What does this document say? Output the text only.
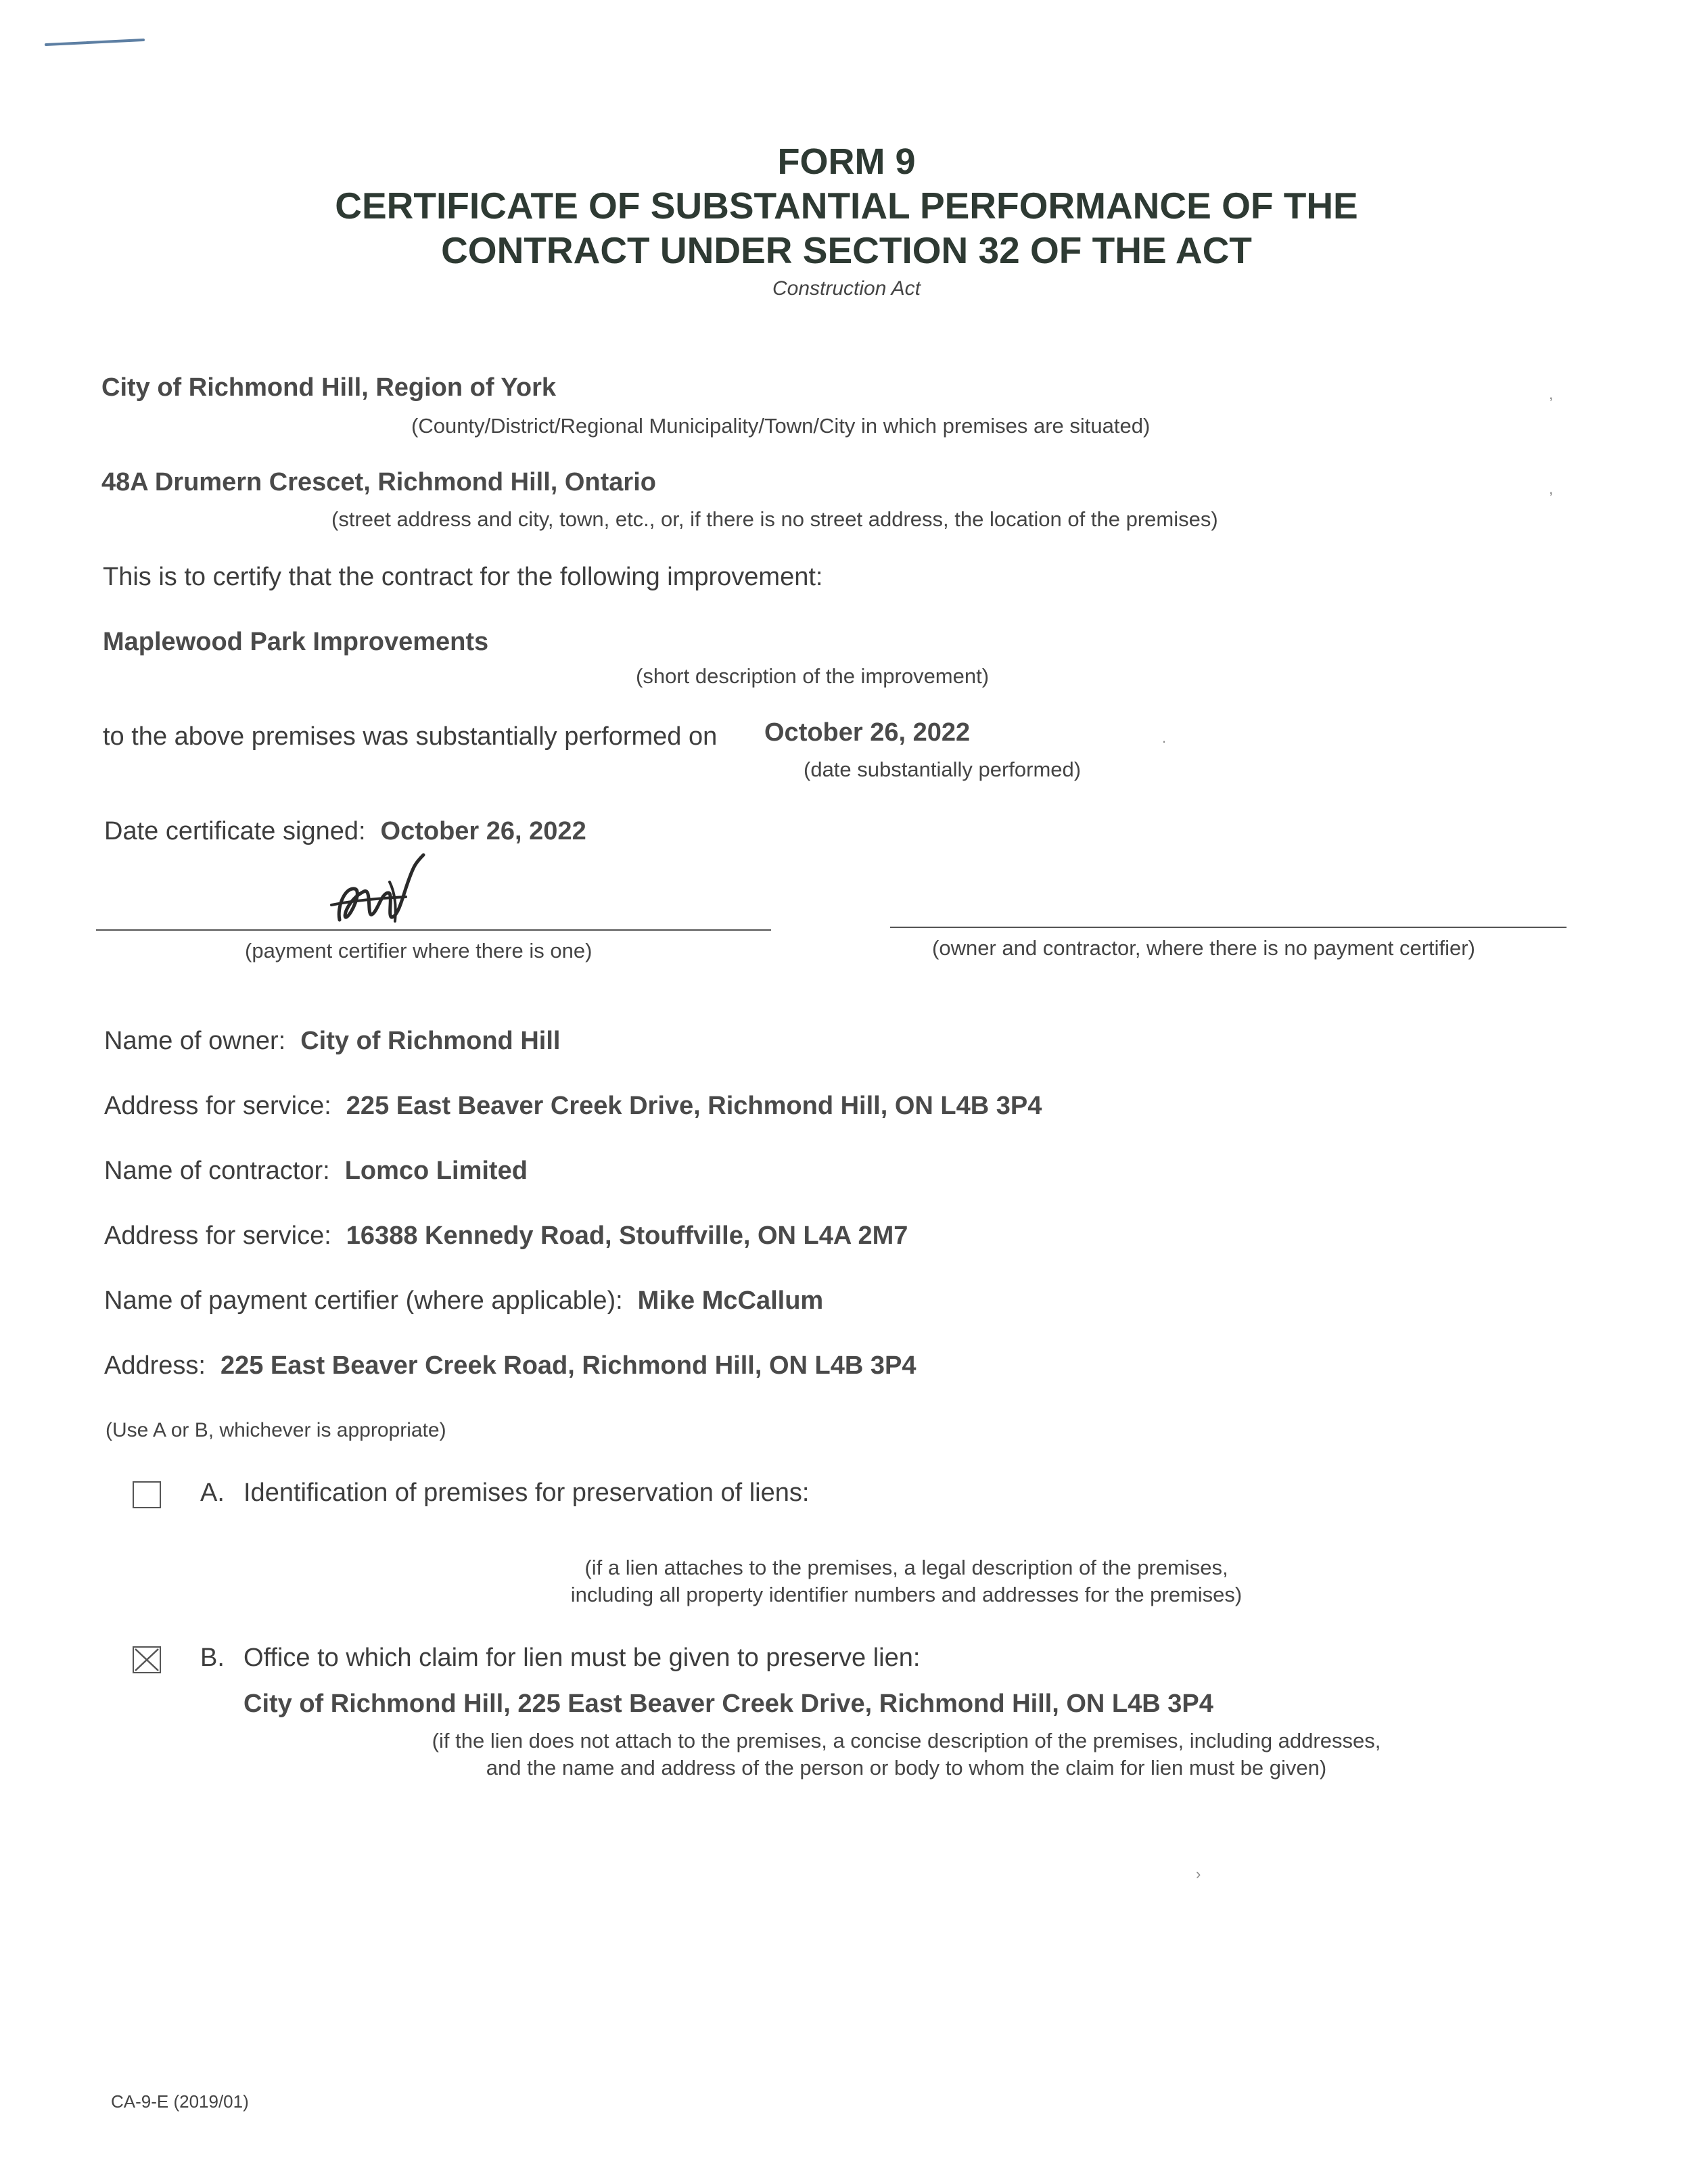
FORM 9
CERTIFICATE OF SUBSTANTIAL PERFORMANCE OF THE
CONTRACT UNDER SECTION 32 OF THE ACT
Construction Act
City of Richmond Hill, Region of York
(County/District/Regional Municipality/Town/City in which premises are situated)
,
48A Drumern Crescet, Richmond Hill, Ontario
(street address and city, town, etc., or, if there is no street address, the location of the premises)
,
This is to certify that the contract for the following improvement:
Maplewood Park Improvements
(short description of the improvement)
to the above premises was substantially performed on October 26, 2022
(date substantially performed)
.
Date certificate signed: October 26, 2022
(payment certifier where there is one)	(owner and contractor, where there is no payment certifier)
Name of owner: City of Richmond Hill
Address for service: 225 East Beaver Creek Drive, Richmond Hill, ON L4B 3P4
Name of contractor: Lomco Limited
Address for service: 16388 Kennedy Road, Stouffville, ON L4A 2M7
Name of payment certifier (where applicable): Mike McCallum
Address: 225 East Beaver Creek Road, Richmond Hill, ON L4B 3P4
(Use A or B, whichever is appropriate)
A. Identification of premises for preservation of liens:
(if a lien attaches to the premises, a legal description of the premises,
including all property identifier numbers and addresses for the premises)
B. Office to which claim for lien must be given to preserve lien:
City of Richmond Hill, 225 East Beaver Creek Drive, Richmond Hill, ON L4B 3P4
(if the lien does not attach to the premises, a concise description of the premises, including addresses,
and the name and address of the person or body to whom the claim for lien must be given)
›
CA-9-E (2019/01)
